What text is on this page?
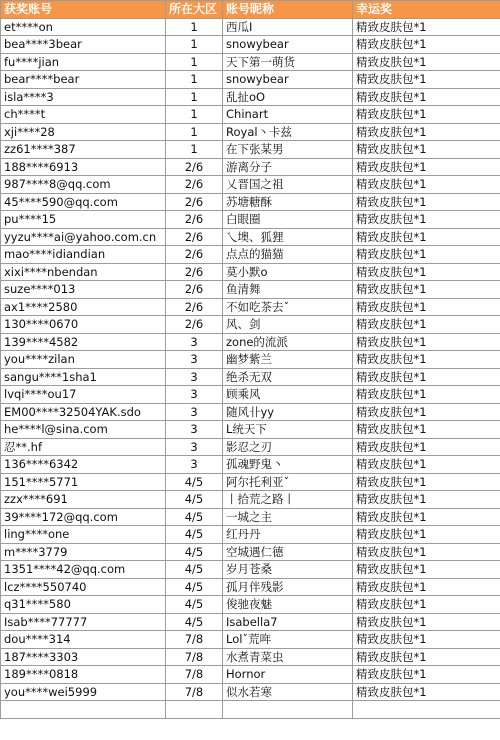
获奖账号	所在大区	账号昵称	幸运奖
et****on	1	西瓜I	精致皮肤包*1
bea****3bear	1	snowybear	精致皮肤包*1
fu****jian	1	天下第一萌货	精致皮肤包*1
bear****bear	1	snowybear	精致皮肤包*1
isla****3	1	乱扯oO	精致皮肤包*1
ch****t	1	Chinart	精致皮肤包*1
xji****28	1	Royal丶卡兹	精致皮肤包*1
zz61****387	1	在下张某男	精致皮肤包*1
188****6913	2/6	游离分子	精致皮肤包*1
987****8@qq.com	2/6	乂晋国之祖	精致皮肤包*1
45****590@qq.com	2/6	苏塘糖酥	精致皮肤包*1
pu****15	2/6	白眼圈	精致皮肤包*1
yyzu****ai@yahoo.com.cn	2/6	乀墺、狐狸	精致皮肤包*1
mao****idiandian	2/6	点点的猫猫	精致皮肤包*1
xixi****nbendan	2/6	莫小默ο	精致皮肤包*1
suze****013	2/6	鱼清舞	精致皮肤包*1
ax1****2580	2/6	不如吃茶去ˇ	精致皮肤包*1
130****0670	2/6	风、剑	精致皮肤包*1
139****4582	3	zone的流派	精致皮肤包*1
you****zilan	3	幽梦紫兰	精致皮肤包*1
sangu****1sha1	3	绝杀无双	精致皮肤包*1
lvqi****ou17	3	顾乘风	精致皮肤包*1
EM00****32504YAK.sdo	3	随风卝yy	精致皮肤包*1
he****l@sina.com	3	L统天下	精致皮肤包*1
忍**.hf	3	影忍之刃	精致皮肤包*1
136****6342	3	孤魂野鬼丶	精致皮肤包*1
151****5771	4/5	阿尔托利亚ˇ	精致皮肤包*1
zzx****691	4/5	丨拾荒之路丨	精致皮肤包*1
39****172@qq.com	4/5	一城之主	精致皮肤包*1
ling****one	4/5	红丹丹	精致皮肤包*1
m****3779	4/5	空城遇仁德	精致皮肤包*1
1351****42@qq.com	4/5	岁月苍桑	精致皮肤包*1
lcz****550740	4/5	孤月伴残影	精致皮肤包*1
q31****580	4/5	俊驰夜魅	精致皮肤包*1
Isab****77777	4/5	Isabella7	精致皮肤包*1
dou****314	7/8	Lolˇ荒哖	精致皮肤包*1
187****3303	7/8	水煮青菜虫	精致皮肤包*1
189****0818	7/8	Hornor	精致皮肤包*1
you****wei5999	7/8	似水若寒	精致皮肤包*1
